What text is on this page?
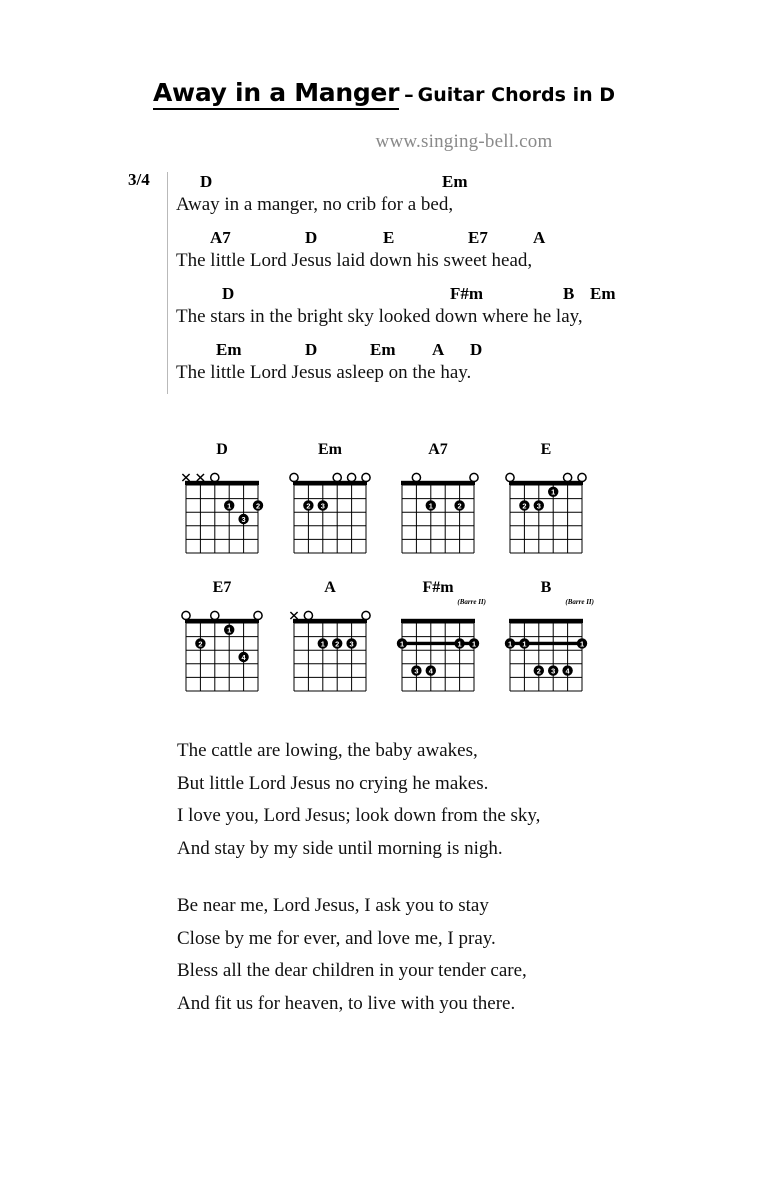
Away in a Manger – Guitar Chords in D
www.singing-bell.com
3/4	D	Em
Away in a manger, no crib for a bed,
A7	D	E	E7	A
The little Lord Jesus laid down his sweet head,
D	F#m	B Em
The stars in the bright sky looked down where he lay,
Em	D	Em A D
The little Lord Jesus asleep on the hay.
D
1	2
3
Em
2 3
A7
1	2
E
1
2 3
E7
1
2
4
A
1 2 3
F#m
(Barre II)
1	1 1
3 4
B
(Barre II)
1 1	1
2 3 4
The cattle are lowing, the baby awakes,
But little Lord Jesus no crying he makes.
I love you, Lord Jesus; look down from the sky,
And stay by my side until morning is nigh.
Be near me, Lord Jesus, I ask you to stay
Close by me for ever, and love me, I pray.
Bless all the dear children in your tender care,
And fit us for heaven, to live with you there.
